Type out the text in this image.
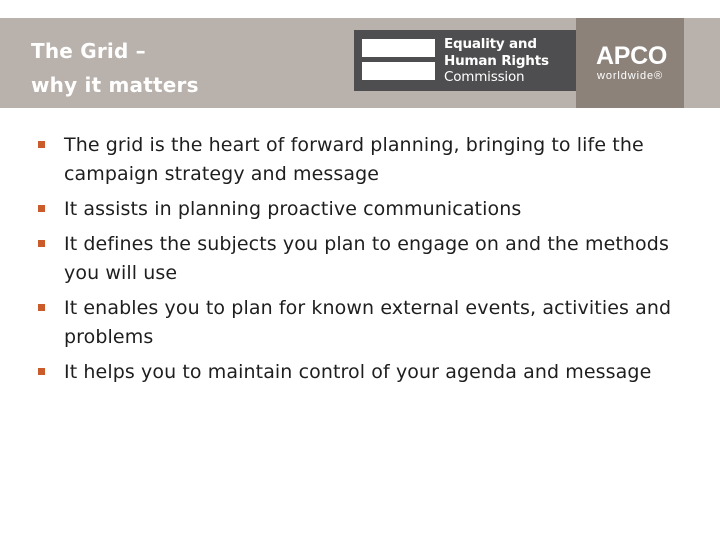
The Grid –
why it matters
Equality and
Human Rights
Commission
APCO
worldwide®
The grid is the heart of forward planning, bringing to life the campaign strategy and message
It assists in planning proactive communications
It defines the subjects you plan to engage on and the methods you will use
It enables you to plan for known external events, activities and problems
It helps you to maintain control of your agenda and message
